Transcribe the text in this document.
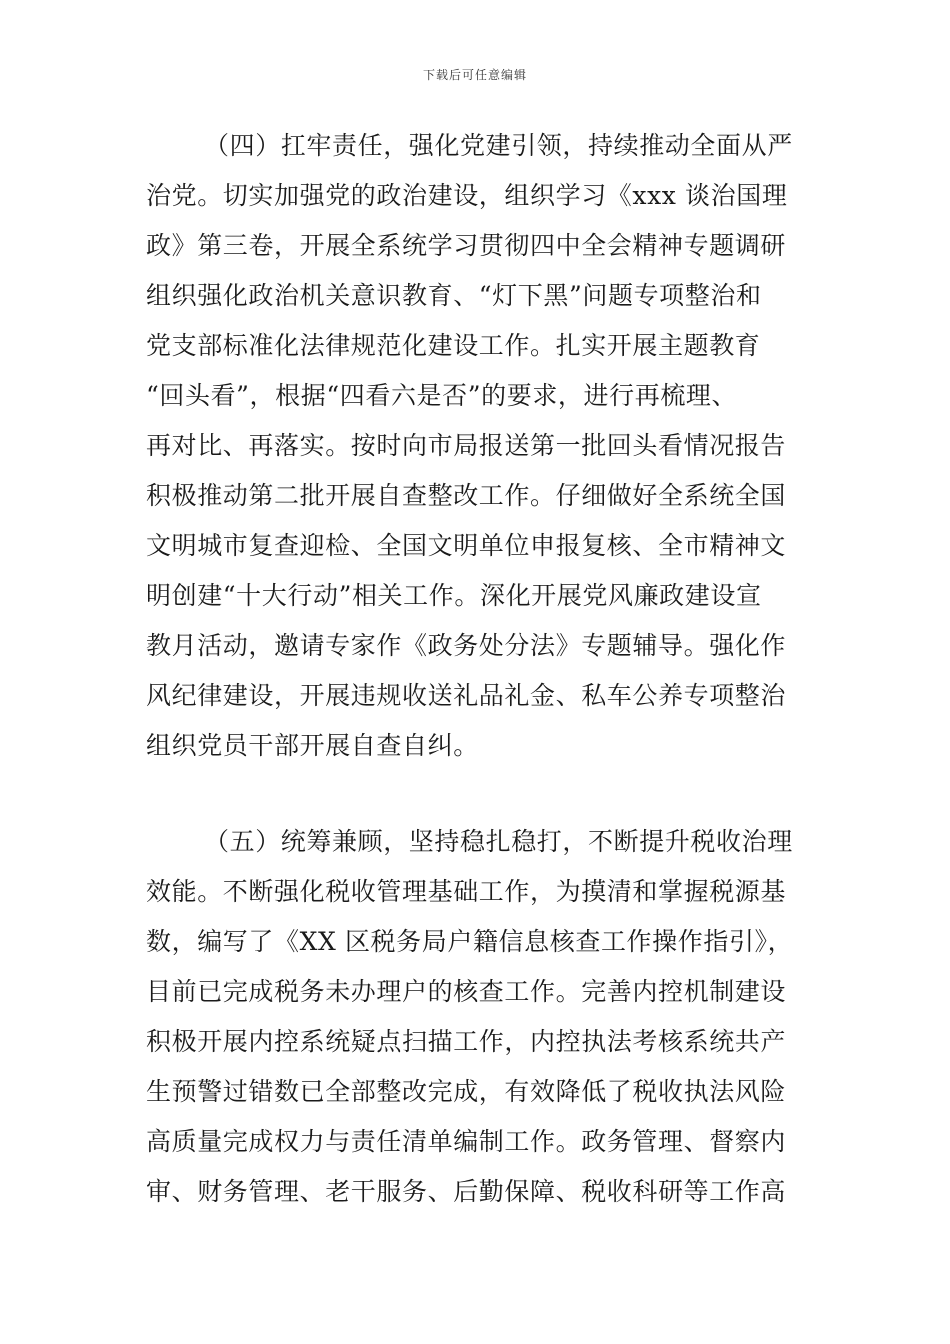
下载后可任意编辑

（四）扛牢责任，强化党建引领，持续推动全面从严
治党。切实加强党的政治建设，组织学习《xxx 谈治国理
政》第三卷，开展全系统学习贯彻四中全会精神专题调研
组织强化政治机关意识教育、“灯下黑”问题专项整治和
党支部标准化法律规范化建设工作。扎实开展主题教育
“回头看”，根据“四看六是否”的要求，进行再梳理、
再对比、再落实。按时向市局报送第一批回头看情况报告
积极推动第二批开展自查整改工作。仔细做好全系统全国
文明城市复查迎检、全国文明单位申报复核、全市精神文
明创建“十大行动”相关工作。深化开展党风廉政建设宣
教月活动，邀请专家作《政务处分法》专题辅导。强化作
风纪律建设，开展违规收送礼品礼金、私车公养专项整治
组织党员干部开展自查自纠。

（五）统筹兼顾，坚持稳扎稳打，不断提升税收治理
效能。不断强化税收管理基础工作，为摸清和掌握税源基
数，编写了《XX 区税务局户籍信息核查工作操作指引》，
目前已完成税务未办理户的核查工作。完善内控机制建设
积极开展内控系统疑点扫描工作，内控执法考核系统共产
生预警过错数已全部整改完成，有效降低了税收执法风险
高质量完成权力与责任清单编制工作。政务管理、督察内
审、财务管理、老干服务、后勤保障、税收科研等工作高
